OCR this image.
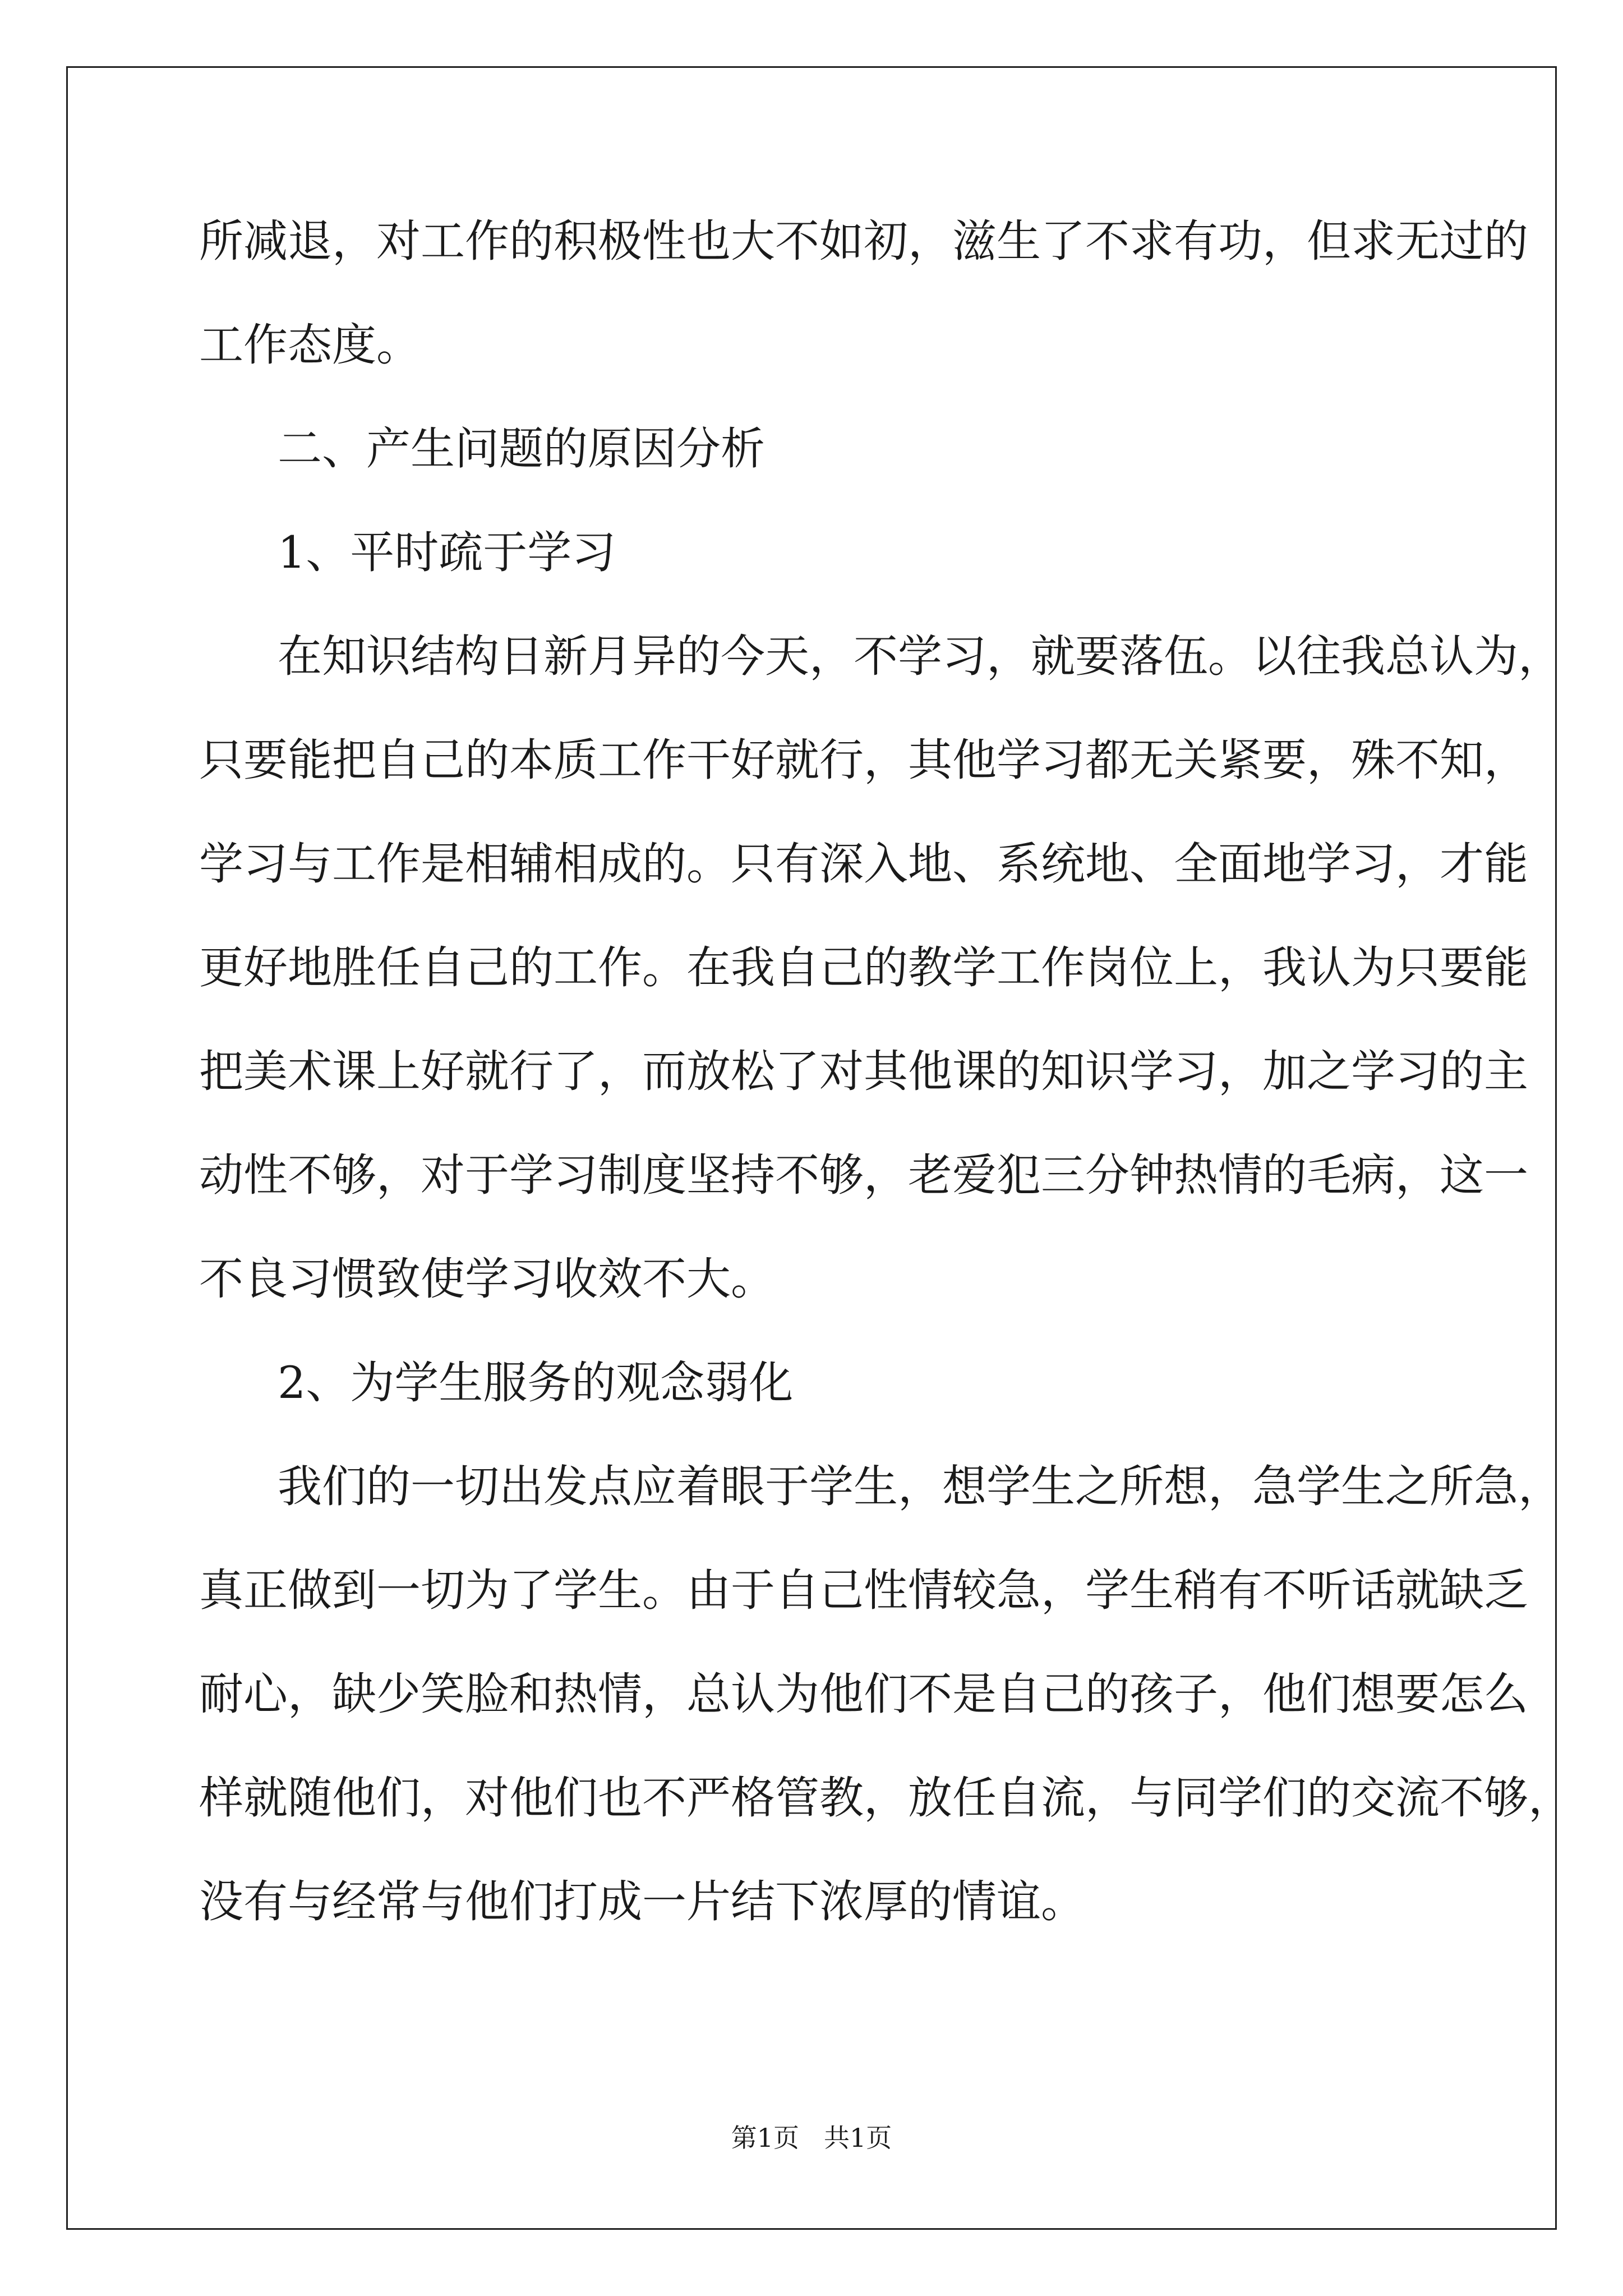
所减退，对工作的积极性也大不如初，滋生了不求有功，但求无过的
工作态度。
二、产生问题的原因分析
1、平时疏于学习
在知识结构日新月异的今天，不学习，就要落伍。以往我总认为，
只要能把自己的本质工作干好就行，其他学习都无关紧要，殊不知，
学习与工作是相辅相成的。只有深入地、系统地、全面地学习，才能
更好地胜任自己的工作。在我自己的教学工作岗位上，我认为只要能
把美术课上好就行了，而放松了对其他课的知识学习，加之学习的主
动性不够，对于学习制度坚持不够，老爱犯三分钟热情的毛病，这一
不良习惯致使学习收效不大。
2、为学生服务的观念弱化
我们的一切出发点应着眼于学生，想学生之所想，急学生之所急，
真正做到一切为了学生。由于自己性情较急，学生稍有不听话就缺乏
耐心，缺少笑脸和热情，总认为他们不是自己的孩子，他们想要怎么
样就随他们，对他们也不严格管教，放任自流，与同学们的交流不够，
没有与经常与他们打成一片结下浓厚的情谊。
第1页 共1页
